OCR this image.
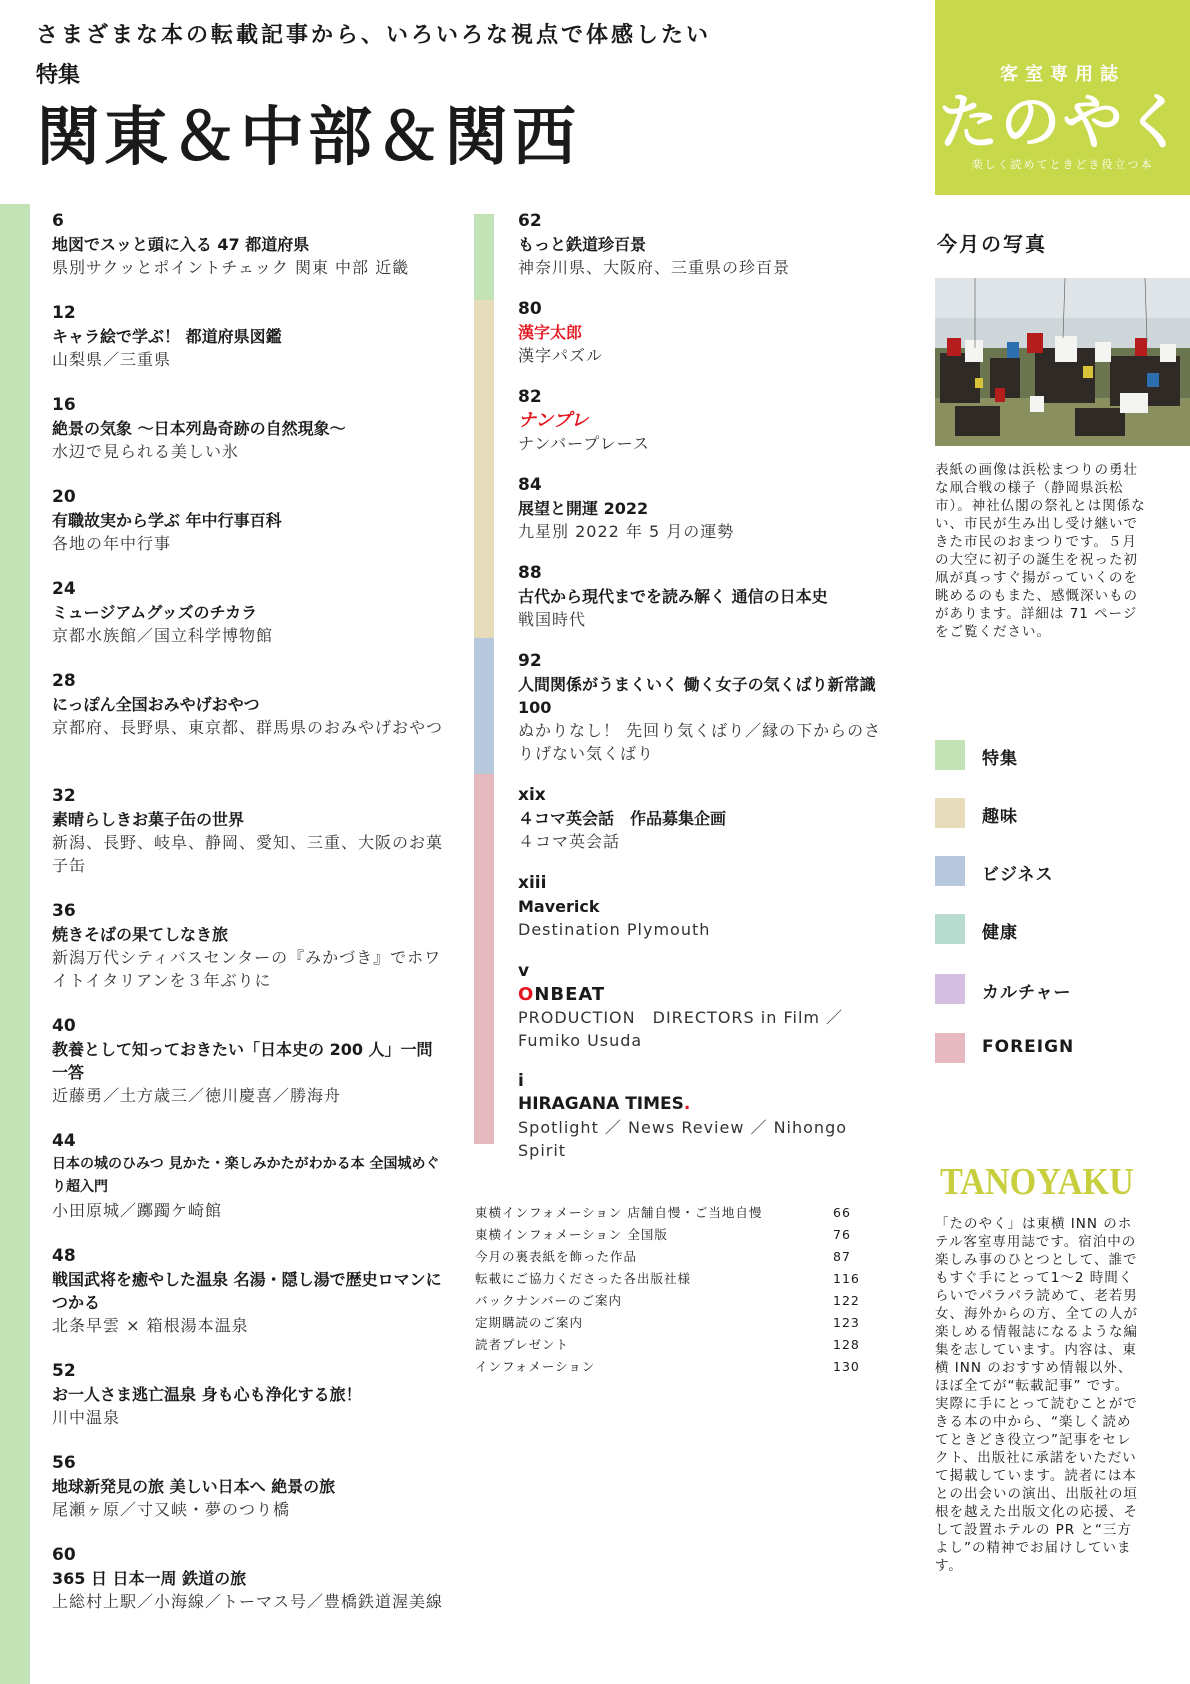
さまざまな本の転載記事から、いろいろな視点で体感したい
特集
関東＆中部＆関西
客室専用誌
たのやく
楽しく読めてときどき役立つ本
6
地図でスッと頭に入る 47 都道府県
県別サクッとポイントチェック 関東 中部 近畿
12
キャラ絵で学ぶ！ 都道府県図鑑
山梨県／三重県
16
絶景の気象 ～日本列島奇跡の自然現象～
水辺で見られる美しい氷
20
有職故実から学ぶ 年中行事百科
各地の年中行事
24
ミュージアムグッズのチカラ
京都水族館／国立科学博物館
28
にっぽん全国おみやげおやつ
京都府、長野県、東京都、群馬県のおみやげおやつ
32
素晴らしきお菓子缶の世界
新潟、長野、岐阜、静岡、愛知、三重、大阪のお菓子缶
36
焼きそばの果てしなき旅
新潟万代シティバスセンターの『みかづき』でホワイトイタリアンを３年ぶりに
40
教養として知っておきたい「日本史の 200 人」一問一答
近藤勇／土方歳三／徳川慶喜／勝海舟
44
日本の城のひみつ 見かた・楽しみかたがわかる本 全国城めぐり超入門
小田原城／躑躅ケ崎館
48
戦国武将を癒やした温泉 名湯・隠し湯で歴史ロマンにつかる
北条早雲 × 箱根湯本温泉
52
お一人さま逃亡温泉 身も心も浄化する旅！
川中温泉
56
地球新発見の旅 美しい日本へ 絶景の旅
尾瀬ヶ原／寸又峡・夢のつり橋
60
365 日 日本一周 鉄道の旅
上総村上駅／小海線／トーマス号／豊橋鉄道渥美線
62
もっと鉄道珍百景
神奈川県、大阪府、三重県の珍百景
80
漢字太郎
漢字パズル
82
ナンプレ
ナンバープレース
84
展望と開運 2022
九星別 2022 年 5 月の運勢
88
古代から現代までを読み解く 通信の日本史
戦国時代
92
人間関係がうまくいく 働く女子の気くばり新常識 100
ぬかりなし！ 先回り気くばり／縁の下からのさりげない気くばり
xix
４コマ英会話　作品募集企画
４コマ英会話
xiii
Maverick
Destination Plymouth
v
ONBEAT
PRODUCTION　DIRECTORS in Film ／ Fumiko Usuda
i
HIRAGANA TIMES.
Spotlight ／ News Review ／ Nihongo Spirit
東横インフォメーション 店舗自慢・ご当地自慢	66
東横インフォメーション 全国版	76
今月の裏表紙を飾った作品	87
転載にご協力くださった各出版社様	116
バックナンバーのご案内	122
定期購読のご案内	123
読者プレゼント	128
インフォメーション	130
今月の写真
表紙の画像は浜松まつりの勇壮な凧合戦の様子（静岡県浜松市）。神社仏閣の祭礼とは関係ない、市民が生み出し受け継いできた市民のおまつりです。５月の大空に初子の誕生を祝った初凧が真っすぐ揚がっていくのを眺めるのもまた、感慨深いものがあります。詳細は 71 ページをご覧ください。
特集
趣味
ビジネス
健康
カルチャー
FOREIGN
TANOYAKU
「たのやく」は東横 INN のホテル客室専用誌です。宿泊中の楽しみ事のひとつとして、誰でもすぐ手にとって1～2 時間くらいでパラパラ読めて、老若男女、海外からの方、全ての人が楽しめる情報誌になるような編集を志しています。内容は、東横 INN のおすすめ情報以外、ほぼ全てが“転載記事” です。実際に手にとって読むことができる本の中から、“楽しく読めてときどき役立つ”記事をセレクト、出版社に承諾をいただいて掲載しています。読者には本との出会いの演出、出版社の垣根を越えた出版文化の応援、そして設置ホテルの PR と“三方よし”の精神でお届けしています。
